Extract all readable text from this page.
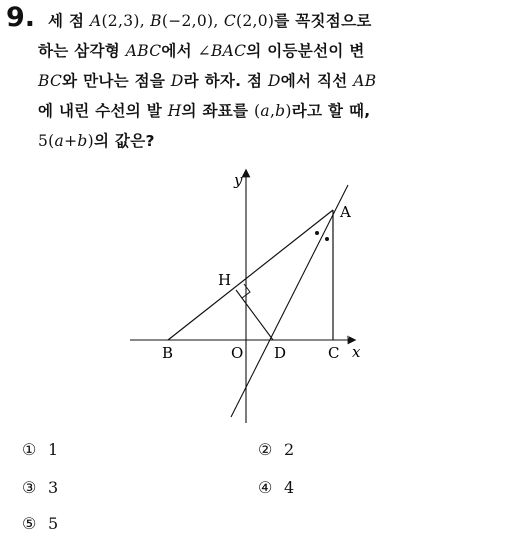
9. 세 점 A(2,3), B(−2,0), C(2,0)를 꼭짓점으로
하는 삼각형 ABC에서 ∠BAC의 이등분선이 변
BC와 만나는 점을 D라 하자. 점 D에서 직선 AB
에 내린 수선의 발 H의 좌표를 (a,b)라고 할 때,
5(a+b)의 값은?
y
x
A
B	C
D
H
O
① 1	② 2
③ 3	④ 4
⑤ 5
